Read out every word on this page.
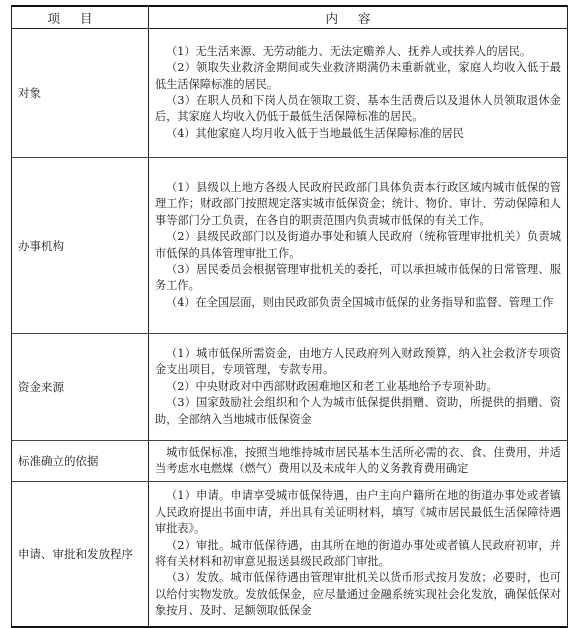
项目	内容
对象	（1）无生活来源、无劳动能力、无法定赡养人、抚养人或扶养人的居民。

（2）领取失业救济金期间或失业救济期满仍未重新就业，家庭人均收入低于最低生活保障标准的居民。

（3）在职人员和下岗人员在领取工资、基本生活费后以及退休人员领取退休金后，其家庭人均收入仍低于最低生活保障标准的居民。

（4）其他家庭人均月收入低于当地最低生活保障标准的居民

办事机构	（1）县级以上地方各级人民政府民政部门具体负责本行政区域内城市低保的管理工作；财政部门按照规定落实城市低保资金；统计、物价、审计、劳动保障和人事等部门分工负责，在各自的职责范围内负责城市低保的有关工作。

（2）县级民政部门以及街道办事处和镇人民政府（统称管理审批机关）负责城市低保的具体管理审批工作。

（3）居民委员会根据管理审批机关的委托，可以承担城市低保的日常管理、服务工作。

（4）在全国层面，则由民政部负责全国城市低保的业务指导和监督、管理工作

资金来源	（1）城市低保所需资金，由地方人民政府列入财政预算，纳入社会救济专项资金支出项目，专项管理，专款专用。

（2）中央财政对中西部财政困难地区和老工业基地给予专项补助。

（3）国家鼓励社会组织和个人为城市低保提供捐赠、资助，所提供的捐赠、资助，全部纳入当地城市低保资金

标准确立的依据	城市低保标准，按照当地维持城市居民基本生活所必需的衣、食、住费用，并适当考虑水电燃煤（燃气）费用以及未成年人的义务教育费用确定

申请、审批和发放程序	（1）申请。申请享受城市低保待遇，由户主向户籍所在地的街道办事处或者镇人民政府提出书面申请，并出具有关证明材料，填写《城市居民最低生活保障待遇审批表》。

（2）审批。城市低保待遇，由其所在地的街道办事处或者镇人民政府初审，并将有关材料和初审意见报送县级民政部门审批。

（3）发放。城市低保待遇由管理审批机关以货币形式按月发放；必要时，也可以给付实物发放。发放低保金，应尽量通过金融系统实现社会化发放，确保低保对象按月、及时、足额领取低保金
